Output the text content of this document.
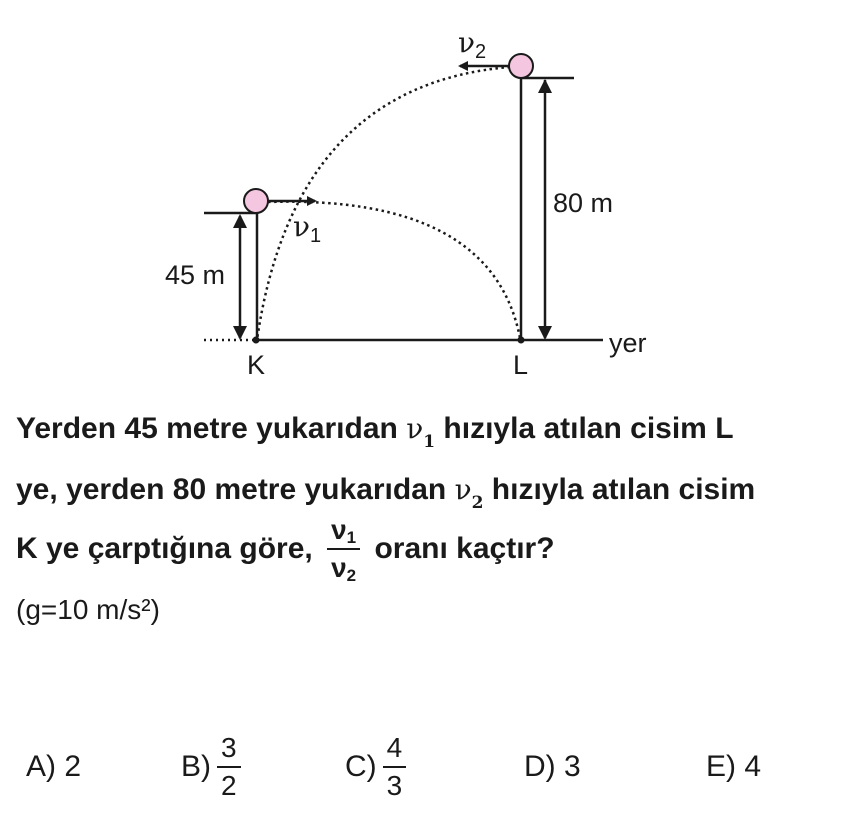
$\nu_1$
$\nu_2$
45 m
80 m
K	L
yer
Yerden 45 metre yukarıdan $\nu_1$ hızıyla atılan cisim L
ye, yerden 80 metre yukarıdan $\nu_2$ hızıyla atılan cisim
K ye çarptığına göre, $\frac{\nu 1}{\nu 2}$ oranı kaçtır?
(g=10 m/s²)
A)
2	$B) \frac{3}{2}$	$C) \frac{4}{3}$	D)
3	E)
4
